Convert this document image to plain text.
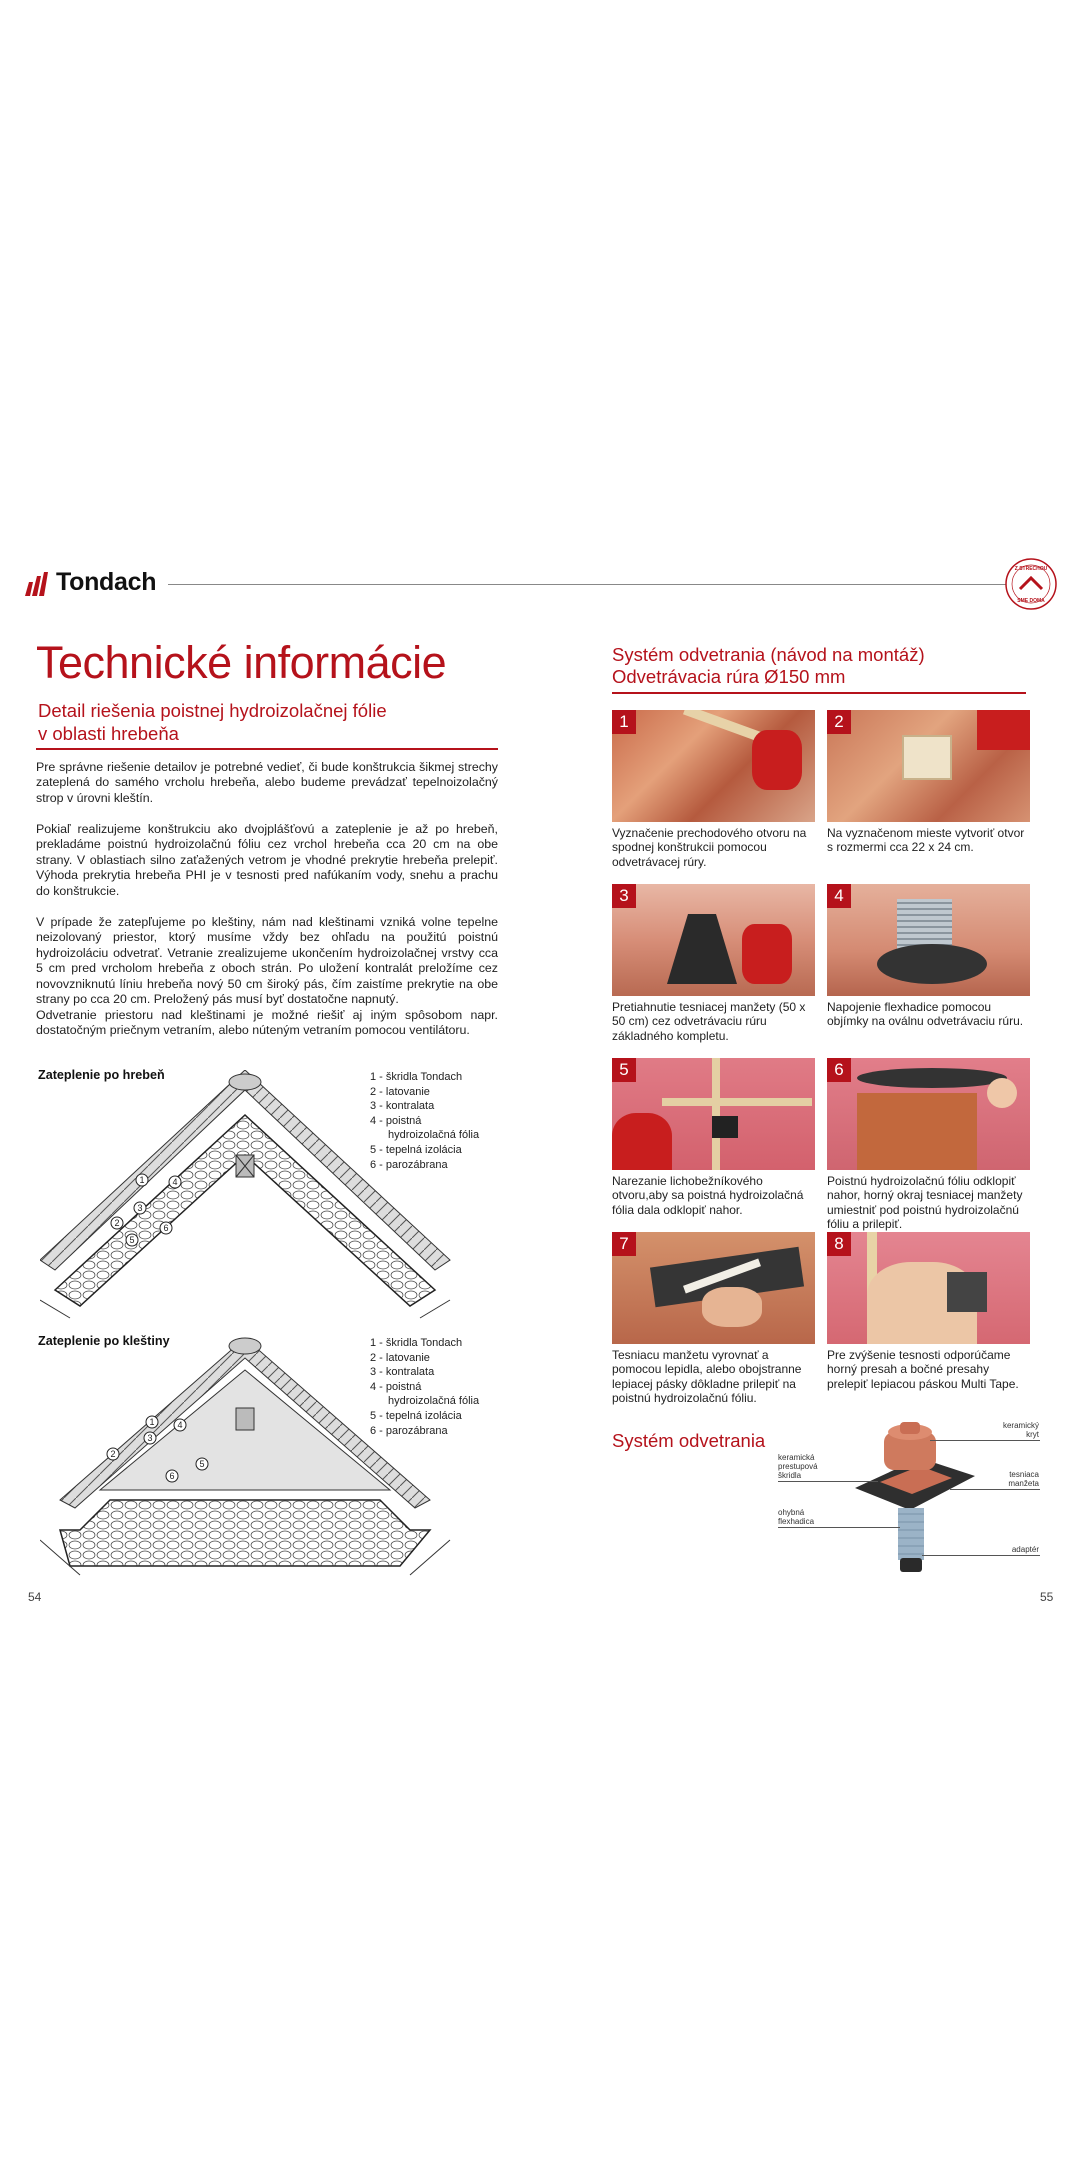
Tondach	Z STRECHOU
SME DOMA
Technické informácie
Detail riešenia poistnej hydroizolačnej fólie
v oblasti hrebeňa

Pre správne riešenie detailov je potrebné vedieť, či bude konštrukcia šikmej strechy zateplená do samého vrcholu hrebeňa, alebo budeme prevádzať tepelnoizolačný strop v úrovni kleštín.

Pokiaľ realizujeme konštrukciu ako dvojplášťovú a zateplenie je až po hrebeň, prekladáme poistnú hydroizolačnú fóliu cez vrchol hrebeňa cca 20 cm na obe strany. V oblastiach silno zaťažených vetrom je vhodné prekrytie hrebeňa prelepiť. Výhoda prekrytia hrebeňa PHI je v tesnosti pred nafúkaním vody, snehu a prachu do konštrukcie.

V prípade že zatepľujeme po kleštiny, nám nad kleštinami vzniká volne tepelne neizolovaný priestor, ktorý musíme vždy bez ohľadu na použitú poistnú hydroizoláciu odvetrať. Vetranie zrealizujeme ukončením hydroizolačnej vrstvy cca 5 cm pred vrcholom hrebeňa z oboch strán. Po uložení kontralát preložíme cez novovzniknutú líniu hrebeňa nový 50 cm široký pás, čím zaistíme prekrytie na obe strany po cca 20 cm. Preložený pás musí byť dostatočne napnutý.

Odvetranie priestoru nad kleštinami je možné riešiť aj iným spôsobom napr. dostatočným priečnym vetraním, alebo núteným vetraním pomocou ventilátoru.

Zateplenie po hrebeň	1 - škridla Tondach
2 - latovanie
3 - kontralata
4 - poistná
hydroizolačná fólia
5 - tepelná izolácia
6 - parozábrana
1
2
3
4
5
6
Zateplenie po kleštiny	1 - škridla Tondach
2 - latovanie
3 - kontralata
4 - poistná
hydroizolačná fólia
5 - tepelná izolácia
6 - parozábrana
1
2
3
4
5
6
54
Systém odvetrania (návod na montáž)
Odvetrávacia rúra Ø150 mm
1
Vyznačenie prechodového otvoru na spodnej konštrukcii pomocou odvetrávacej rúry.
2
Na vyznačenom mieste vytvoriť otvor s rozmermi cca 22 x 24 cm.
3
Pretiahnutie tesniacej manžety (50 x 50 cm) cez odvetrávaciu rúru základného kompletu.
4
Napojenie flexhadice pomocou objímky na oválnu odvetrávaciu rúru.
5
Narezanie lichobežníkového otvoru,aby sa poistná hydroizolačná fólia dala odklopiť nahor.
6
Poistnú hydroizolačnú fóliu odklopiť nahor, horný okraj tesniacej manžety umiestniť pod poistnú hydroizolačnú fóliu a prilepiť.
7
Tesniacu manžetu vyrovnať a pomocou lepidla, alebo obojstranne lepiacej pásky dôkladne prilepiť na poistnú hydroizolačnú fóliu.
8
Pre zvýšenie tesnosti odporúčame horný presah a bočné presahy prelepiť lepiacou páskou Multi Tape.
Systém odvetrania
keramický
kryt
keramická
prestupová
škridla	tesniaca
manžeta
ohybná
flexhadica
adaptér
55
